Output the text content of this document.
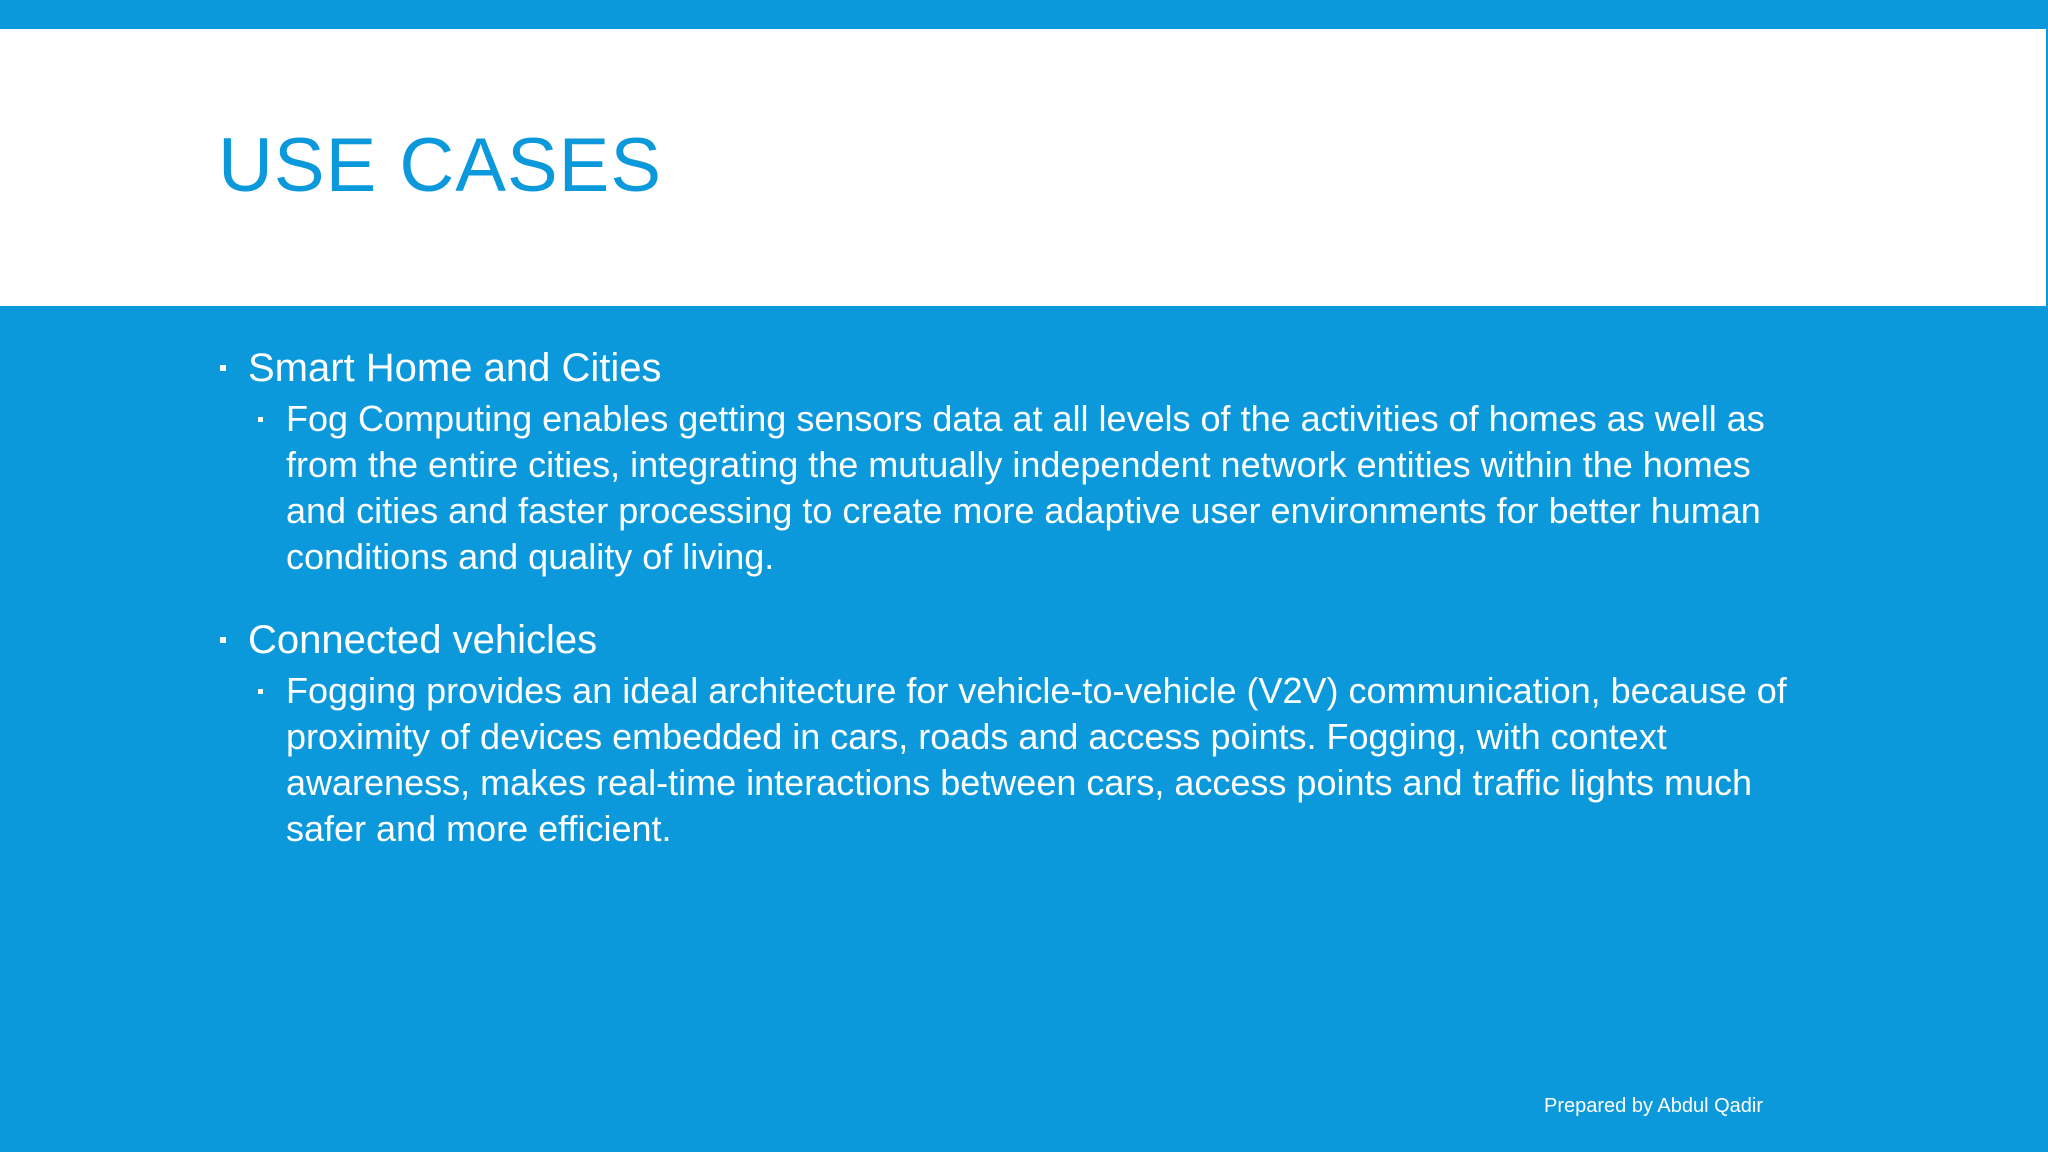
USE CASES

Smart Home and Cities

Fog Computing enables getting sensors data at all levels of the activities of homes as well as from the entire cities, integrating the mutually independent network entities within the homes and cities and faster processing to create more adaptive user environments for better human conditions and quality of living.

Connected vehicles

Fogging provides an ideal architecture for vehicle-to-vehicle (V2V) communication, because of proximity of devices embedded in cars, roads and access points. Fogging, with context awareness, makes real-time interactions between cars, access points and traffic lights much safer and more efficient.

Prepared by Abdul Qadir
